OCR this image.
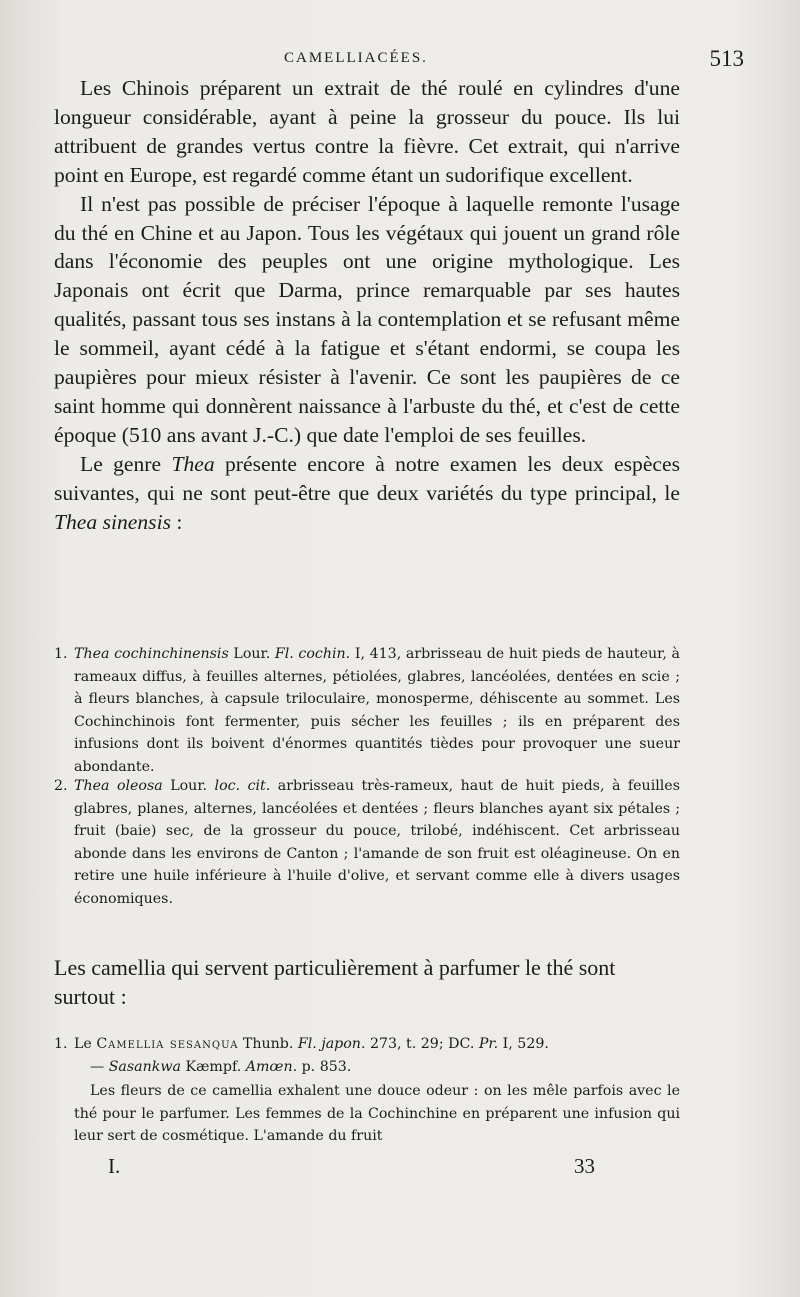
CAMELLIACÉES.	513

Les Chinois préparent un extrait de thé roulé en cylindres d'une longueur considérable, ayant à peine la grosseur du pouce. Ils lui attribuent de grandes vertus contre la fièvre. Cet extrait, qui n'arrive point en Europe, est regardé comme étant un sudorifique excellent.

Il n'est pas possible de préciser l'époque à laquelle remonte l'usage du thé en Chine et au Japon. Tous les végétaux qui jouent un grand rôle dans l'économie des peuples ont une origine mythologique. Les Japonais ont écrit que Darma, prince remarquable par ses hautes qualités, passant tous ses instans à la contemplation et se refusant même le sommeil, ayant cédé à la fatigue et s'étant endormi, se coupa les paupières pour mieux résister à l'avenir. Ce sont les paupières de ce saint homme qui donnèrent naissance à l'arbuste du thé, et c'est de cette époque (510 ans avant J.-C.) que date l'emploi de ses feuilles.

Le genre Thea présente encore à notre examen les deux espèces suivantes, qui ne sont peut-être que deux variétés du type principal, le Thea sinensis :

1. Thea cochinchinensis Lour. Fl. cochin. I, 413, arbrisseau de huit pieds de hauteur, à rameaux diffus, à feuilles alternes, pétiolées, glabres, lancéolées, dentées en scie ; à fleurs blanches, à capsule triloculaire, monosperme, déhiscente au sommet. Les Cochinchinois font fermenter, puis sécher les feuilles ; ils en préparent des infusions dont ils boivent d'énormes quantités tièdes pour provoquer une sueur abondante.
2. Thea oleosa Lour. loc. cit. arbrisseau très-rameux, haut de huit pieds, à feuilles glabres, planes, alternes, lancéolées et dentées ; fleurs blanches ayant six pétales ; fruit (baie) sec, de la grosseur du pouce, trilobé, indéhiscent. Cet arbrisseau abonde dans les environs de Canton ; l'amande de son fruit est oléagineuse. On en retire une huile inférieure à l'huile d'olive, et servant comme elle à divers usages économiques.
Les camellia qui servent particulièrement à parfumer le thé sont surtout :
1. Le Camellia sesanqua Thunb. Fl. japon. 273, t. 29; DC. Pr. I, 529.
— Sasankwa Kæmpf. Amœn. p. 853.
Les fleurs de ce camellia exhalent une douce odeur : on les mêle parfois avec le thé pour le parfumer. Les femmes de la Cochinchine en préparent une infusion qui leur sert de cosmétique. L'amande du fruit
I.	33
